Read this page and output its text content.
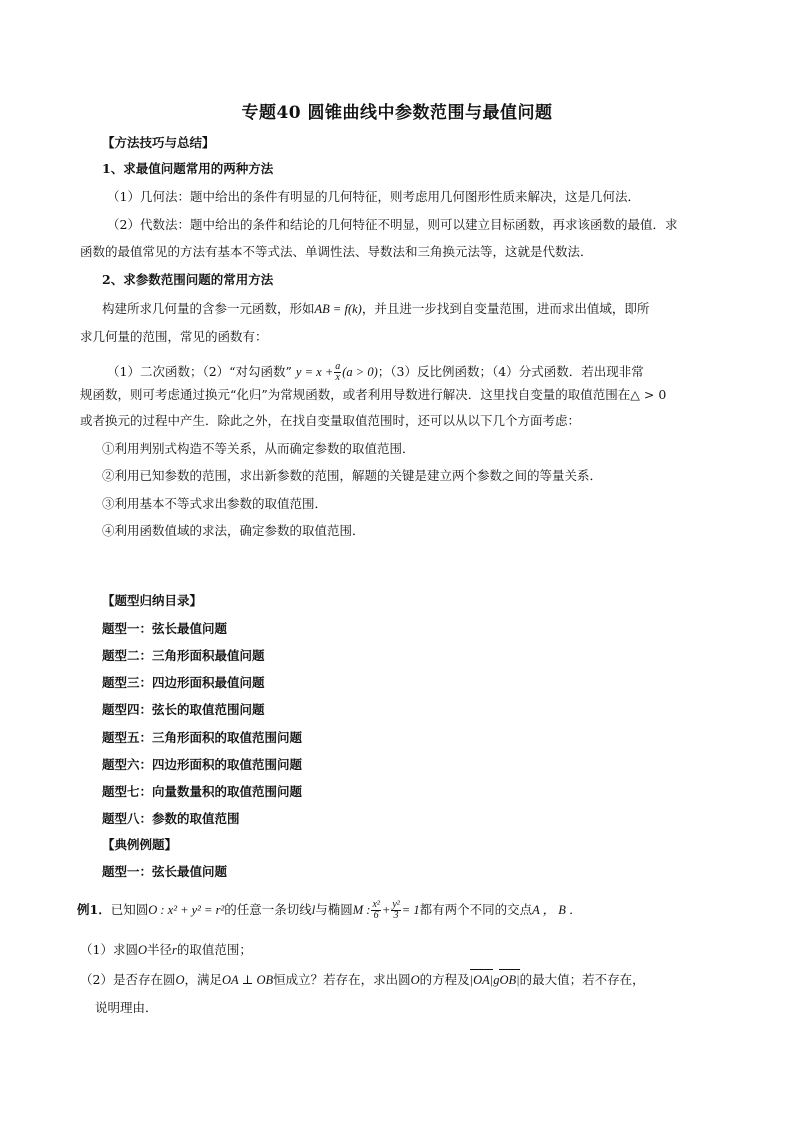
专题40 圆锥曲线中参数范围与最值问题
【方法技巧与总结】
1、求最值问题常用的两种方法
（1）几何法：题中给出的条件有明显的几何特征，则考虑用几何图形性质来解决，这是几何法．
（2）代数法：题中给出的条件和结论的几何特征不明显，则可以建立目标函数，再求该函数的最值．求
函数的最值常见的方法有基本不等式法、单调性法、导数法和三角换元法等，这就是代数法．
2、求参数范围问题的常用方法
构建所求几何量的含参一元函数，形如AB = f(k)，并且进一步找到自变量范围，进而求出值域，即所
求几何量的范围，常见的函数有：
（1）二次函数；（2）“对勾函数” $y = x + \frac{a}{x} (a > 0)$；（3）反比例函数；（4）分式函数．若出现非常
规函数，则可考虑通过换元“化归”为常规函数，或者利用导数进行解决．这里找自变量的取值范围在△ > 0
或者换元的过程中产生．除此之外，在找自变量取值范围时，还可以从以下几个方面考虑：
①利用判别式构造不等关系，从而确定参数的取值范围．
②利用已知参数的范围，求出新参数的范围，解题的关键是建立两个参数之间的等量关系．
③利用基本不等式求出参数的取值范围．
④利用函数值域的求法，确定参数的取值范围．
【题型归纳目录】
题型一：弦长最值问题
题型二：三角形面积最值问题
题型三：四边形面积最值问题
题型四：弦长的取值范围问题
题型五：三角形面积的取值范围问题
题型六：四边形面积的取值范围问题
题型七：向量数量积的取值范围问题
题型八：参数的取值范围
【典例例题】
题型一：弦长最值问题
例1．已知圆O : x² + y² = r²的任意一条切线l与椭圆M : $\frac{\text{x²}}{6} + \frac{\text{y²}}{3} = 1$都有两个不同的交点A ， B ．
（1）求圆O半径r的取值范围；
（2）是否存在圆O，满足OA ⊥ OB恒成立？若存在，求出圆O的方程及|OA|gOB|的最大值；若不存在，
说明理由．
